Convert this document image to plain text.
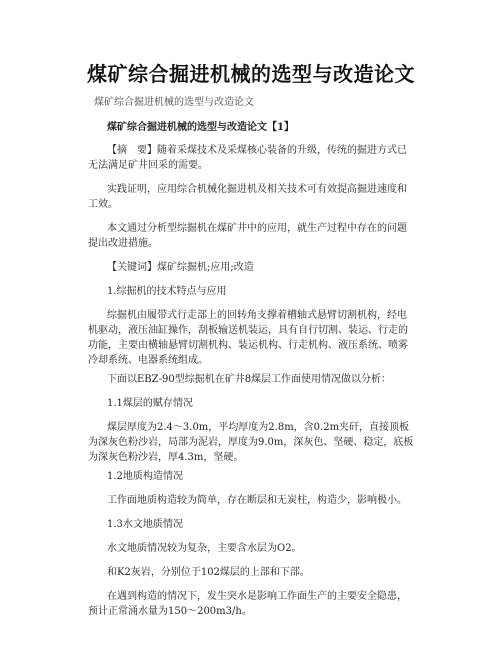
煤矿综合掘进机械的选型与改造论文

煤矿综合掘进机械的选型与改造论文

煤矿综合掘进机械的选型与改造论文【1】

【摘　要】随着采煤技术及采煤核心装备的升级，传统的掘进方式已无法满足矿井回采的需要。

实践证明，应用综合机械化掘进机及相关技术可有效提高掘进速度和工效。

本文通过分析型综掘机在煤矿井中的应用，就生产过程中存在的问题提出改进措施。

【关键词】煤矿综掘机;应用;改造

1.综掘机的技术特点与应用

综掘机由履带式行走部上的回转角支撑着槽轴式悬臂切割机构，经电机驱动，液压油缸操作，刮板输送机装运，具有自行切割、装运、行走的功能，主要由横轴悬臂切割机构、装运机构、行走机构、液压系统、喷雾冷却系统、电器系统组成。

下面以EBZ-90型综掘机在矿井8煤层工作面使用情况做以分析：

1.1煤层的赋存情况

煤层厚度为2.4～3.0m，平均厚度为2.8m，含0.2m夹矸，直接顶板为深灰色粉沙岩，局部为泥岩，厚度为9.0m，深灰色、坚硬、稳定，底板为深灰色粉沙岩，厚4.3m，坚硬。

1.2地质构造情况

工作面地质构造较为简单，存在断层和无炭柱，构造少，影响极小。

1.3水文地质情况

水文地质情况较为复杂，主要含水层为O2。

和K2灰岩，分别位于102煤层的上部和下部。

在遇到构造的情况下，发生突水是影响工作面生产的主要安全隐患，预计正常涌水量为150～200m3/h。
